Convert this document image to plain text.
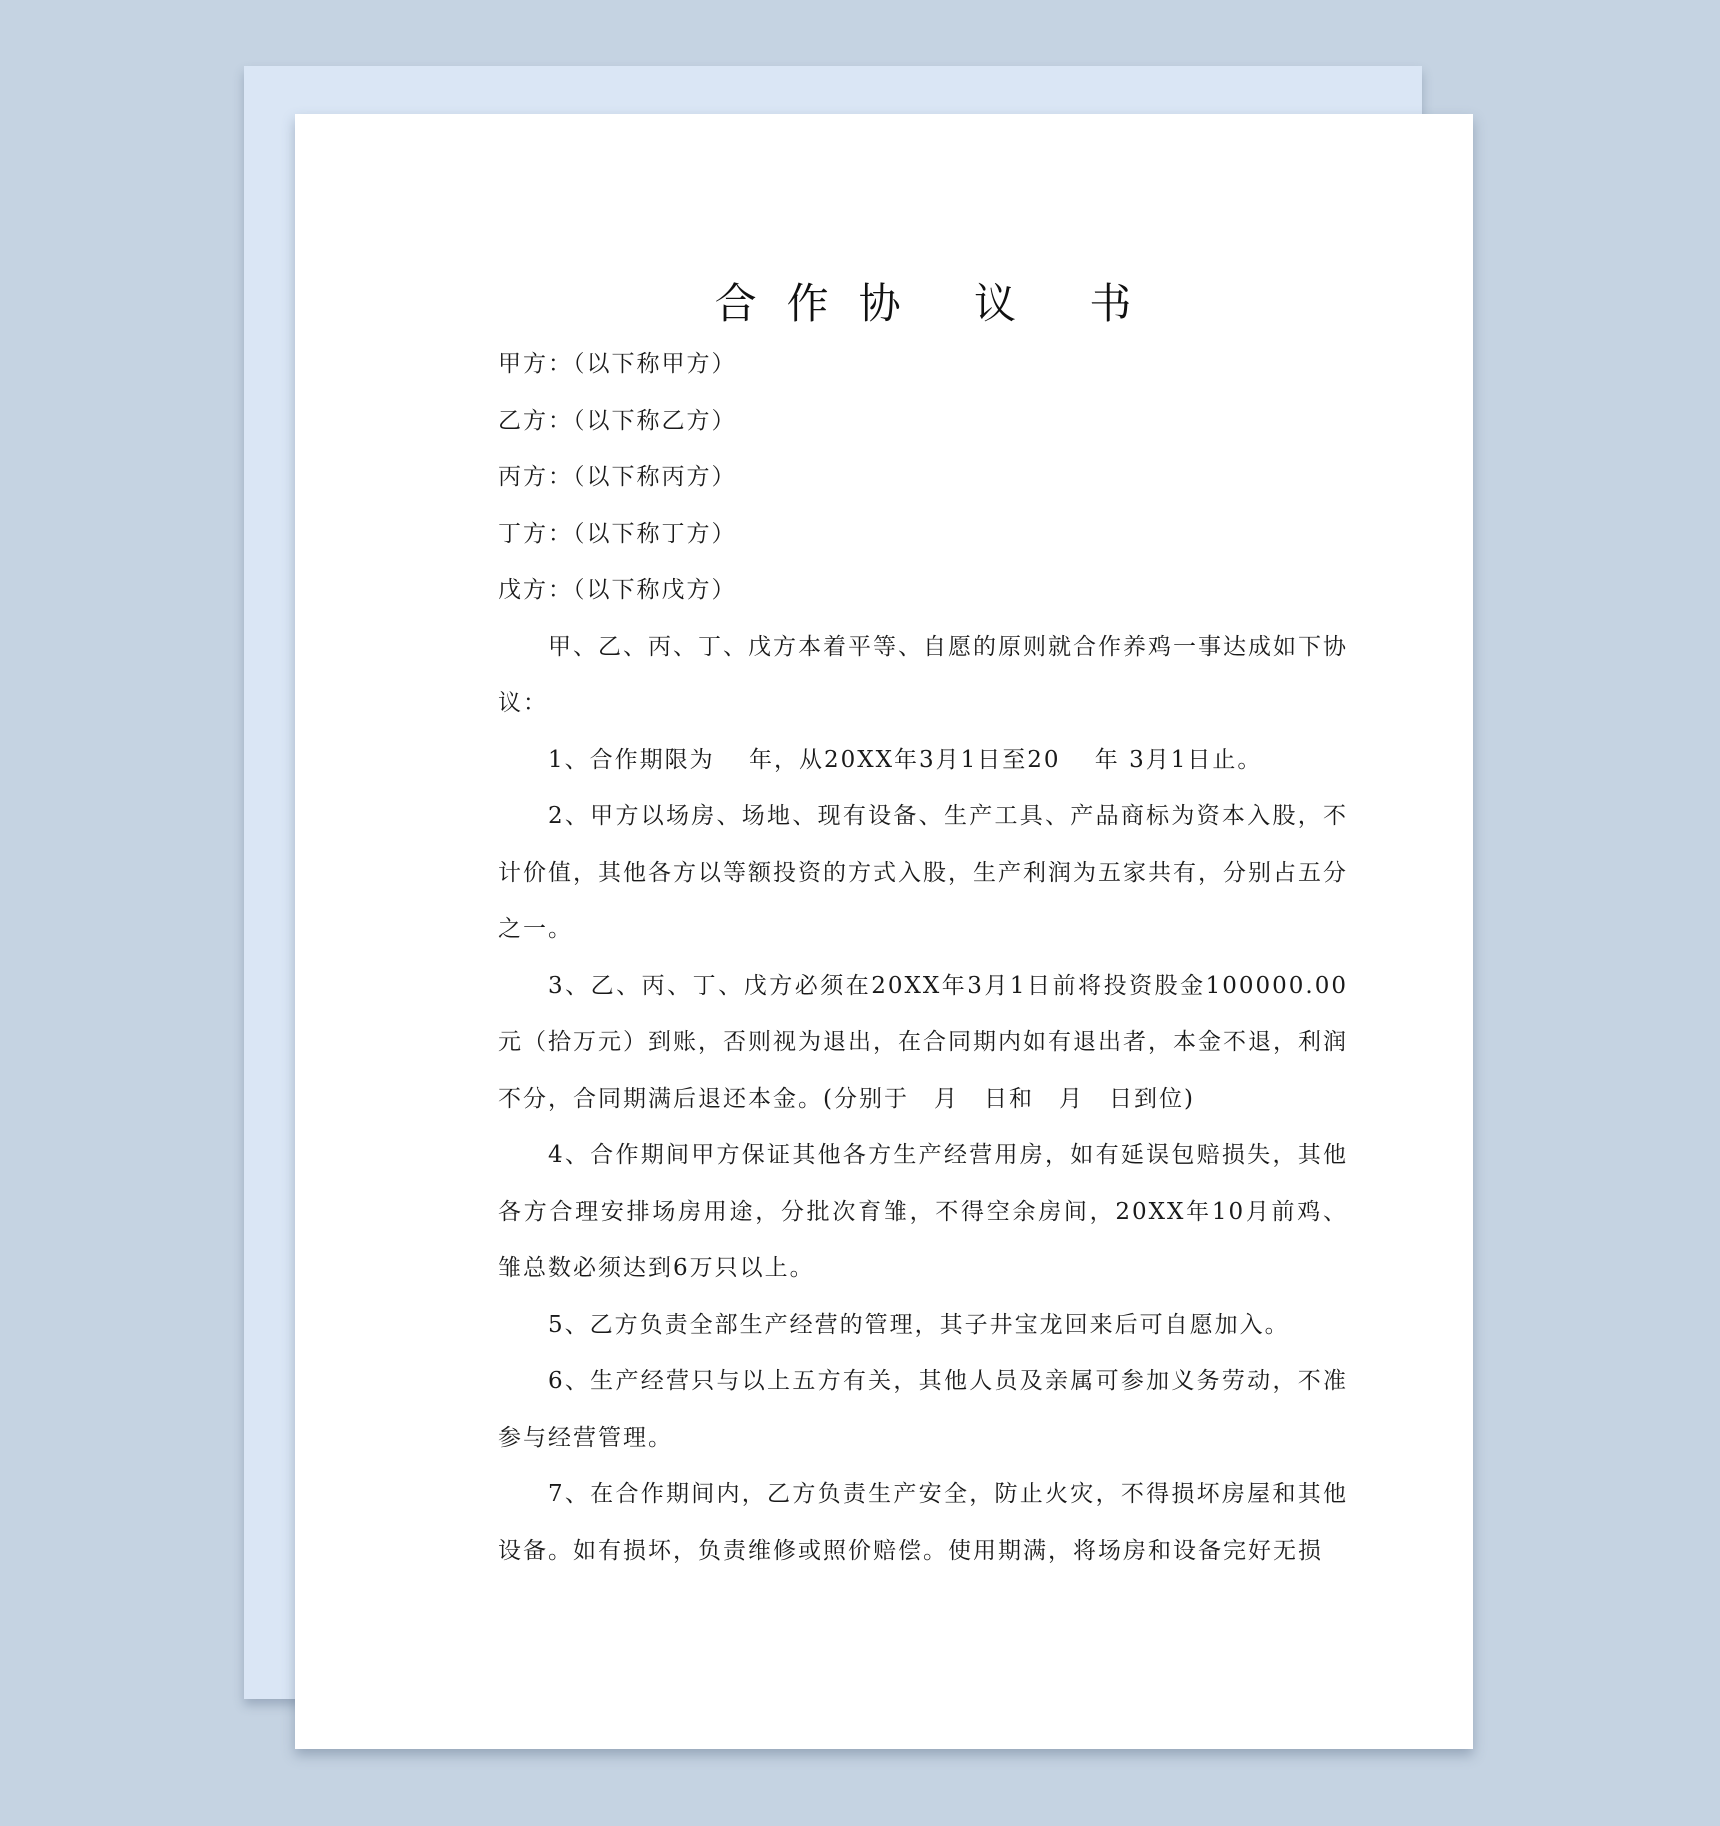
合作协 议 书

甲方：（以下称甲方）

乙方：（以下称乙方）

丙方：（以下称丙方）

丁方：（以下称丁方）

戊方：（以下称戊方）

甲、乙、丙、丁、戊方本着平等、自愿的原则就合作养鸡一事达成如下协议：

1、合作期限为　 年，从20XX年3月1日至20　 年 3月1日止。

2、甲方以场房、场地、现有设备、生产工具、产品商标为资本入股，不计价值，其他各方以等额投资的方式入股，生产利润为五家共有，分别占五分之一。

3、乙、丙、丁、戊方必须在20XX年3月1日前将投资股金100000.00元（拾万元）到账，否则视为退出，在合同期内如有退出者，本金不退，利润不分，合同期满后退还本金。(分别于　月　日和　月　日到位)

4、合作期间甲方保证其他各方生产经营用房，如有延误包赔损失，其他各方合理安排场房用途，分批次育雏，不得空余房间，20XX年10月前鸡、雏总数必须达到6万只以上。

5、乙方负责全部生产经营的管理，其子井宝龙回来后可自愿加入。

6、生产经营只与以上五方有关，其他人员及亲属可参加义务劳动，不准参与经营管理。

7、在合作期间内，乙方负责生产安全，防止火灾，不得损坏房屋和其他设备。如有损坏，负责维修或照价赔偿。使用期满，将场房和设备完好无损
